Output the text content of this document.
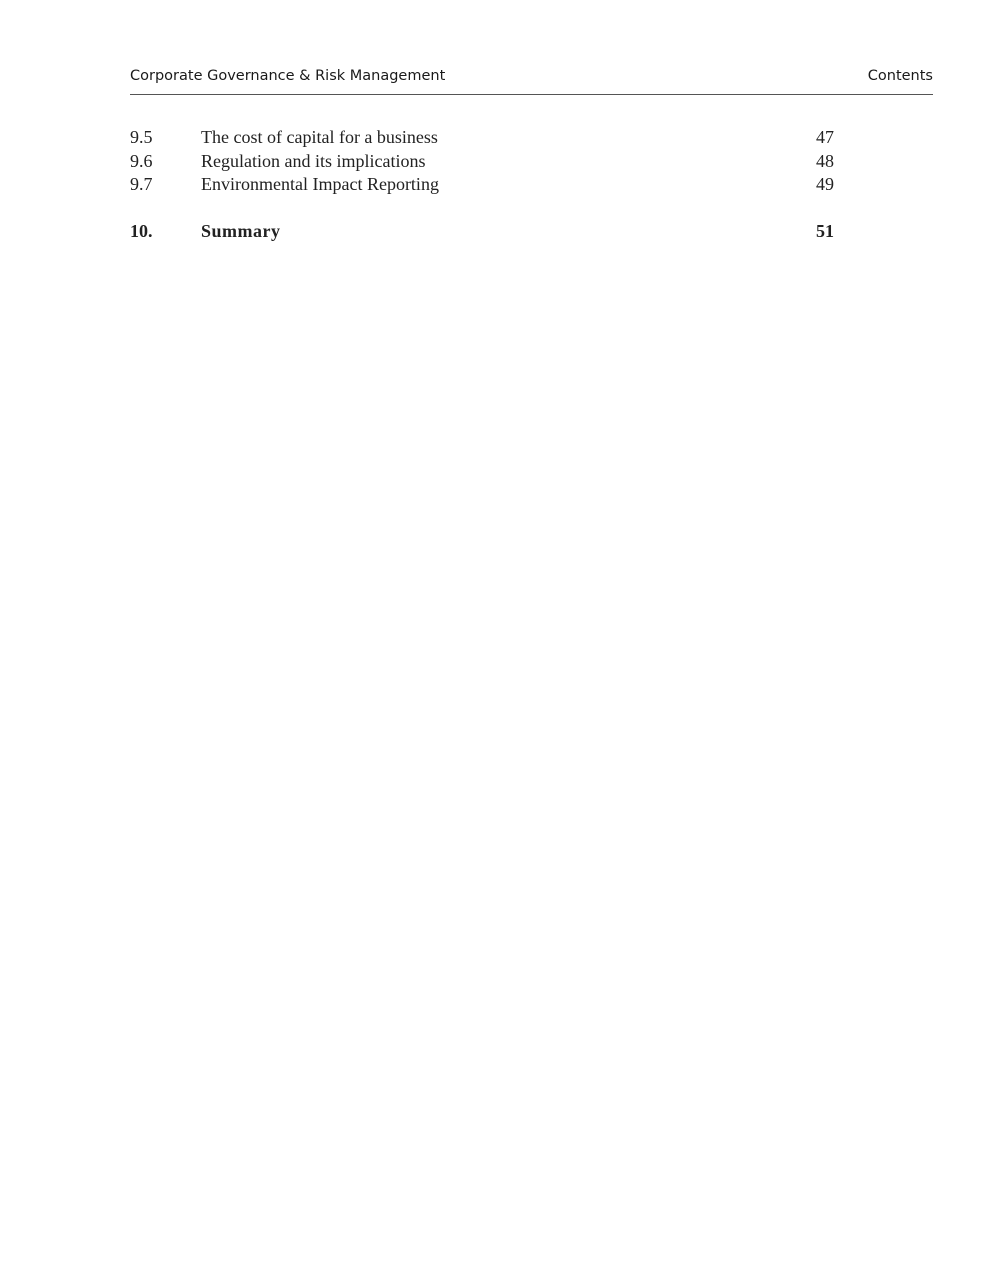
Corporate Governance & Risk Management	Contents
9.5	The cost of capital for a business	47
9.6	Regulation and its implications	48
9.7	Environmental Impact Reporting	49
10.	Summary	51
